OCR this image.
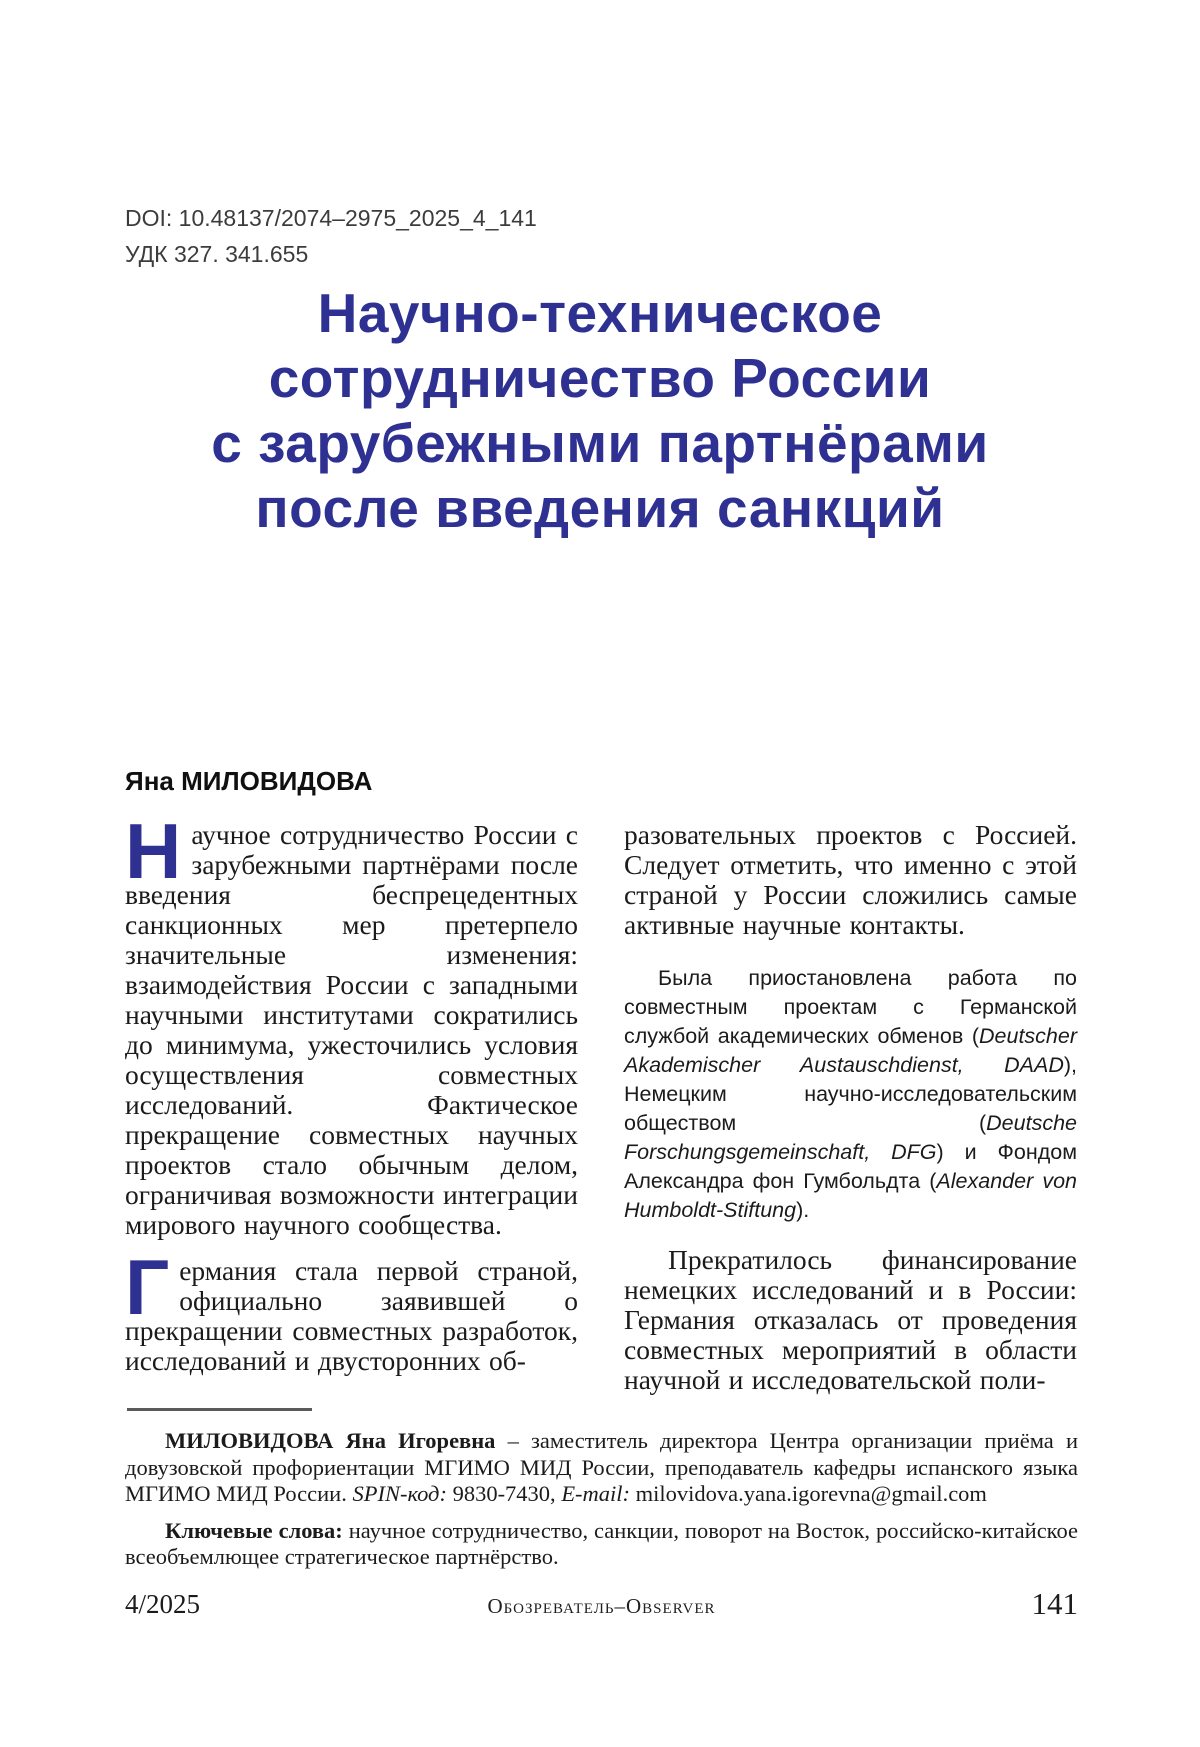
DOI: 10.48137/2074–2975_2025_4_141
УДК 327. 341.655
Научно-техническое
сотрудничество России
с зарубежными партнёрами
после введения санкций
Яна МИЛОВИДОВА

Научное сотрудничество России с зарубежными партнёрами после введения беспрецедентных санкционных мер претерпело значительные изменения: взаимодействия России с западными научными институтами сократились до минимума, ужесточились условия осуществления совместных исследований. Фактическое прекращение совместных научных проектов стало обычным делом, ограничивая возможности интеграции мирового научного сообщества.

Германия стала первой страной, официально заявившей о прекращении совместных разработок, исследований и двусторонних об-

разовательных проектов с Россией. Следует отметить, что именно с этой страной у России сложились самые активные научные контакты.

Была приостановлена работа по совместным проектам с Германской службой академических обменов (Deutscher Akademischer Austauschdienst, DAAD), Немецким научно-исследовательским обществом (Deutsche Forschungsgemeinschaft, DFG) и Фондом Александра фон Гумбольдта (Alexander von Humboldt-Stiftung).

Прекратилось финансирование немецких исследований и в России: Германия отказалась от проведения совместных мероприятий в области научной и исследовательской поли-

МИЛОВИДОВА Яна Игоревна – заместитель директора Центра организации приёма и довузовской профориентации МГИМО МИД России, преподаватель кафедры испанского языка МГИМО МИД России. SPIN-код: 9830-7430, E-mail: milovidova.yana.igorevna@gmail.com

Ключевые слова: научное сотрудничество, санкции, поворот на Восток, российско-китайское всеобъемлющее стратегическое партнёрство.

4/2025	Обозреватель–Observer	141
